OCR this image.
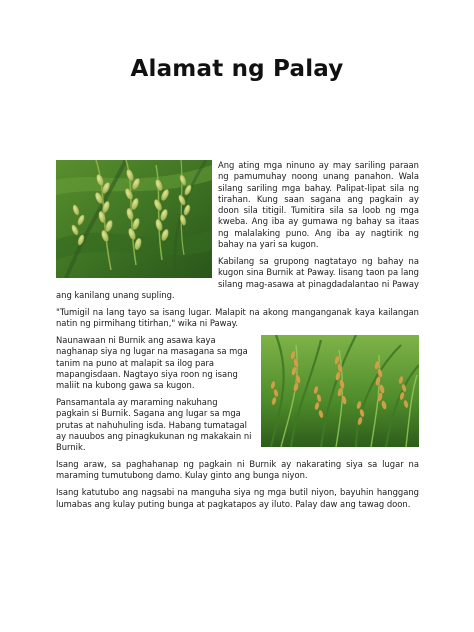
Alamat ng Palay

Ang ating mga ninuno ay may sariling paraan ng pamumuhay noong unang panahon. Wala silang sariling mga bahay. Palipat-lipat sila ng tirahan. Kung saan sagana ang pagkain ay doon sila titigil. Tumitira sila sa loob ng mga kweba. Ang iba ay gumawa ng bahay sa itaas ng malalaking puno. Ang iba ay nagtirik ng bahay na yari sa kugon.

Kabilang sa grupong nagtatayo ng bahay na kugon sina Burnik at Paway. Iisang taon pa lang silang mag-asawa at pinagdadalantao ni Paway ang kanilang unang supling.

"Tumigil na lang tayo sa isang lugar. Malapit na akong manganganak kaya kailangan natin ng pirmihang titirhan," wika ni Paway.

Naunawaan ni Burnik ang asawa kaya naghanap siya ng lugar na masagana sa mga tanim na puno at malapit sa ilog para mapangisdaan. Nagtayo siya roon ng isang maliit na kubong gawa sa kugon.

Pansamantala ay maraming nakuhang pagkain si Burnik. Sagana ang lugar sa mga prutas at nahuhuling isda. Habang tumatagal ay nauubos ang pinagkukunan ng makakain ni Burnik.

Isang araw, sa paghahanap ng pagkain ni Burnik ay nakarating siya sa lugar na maraming tumutubong damo. Kulay ginto ang bunga niyon.

Isang katutubo ang nagsabi na manguha siya ng mga butil niyon, bayuhin hanggang lumabas ang kulay puting bunga at pagkatapos ay iluto. Palay daw ang tawag doon.
